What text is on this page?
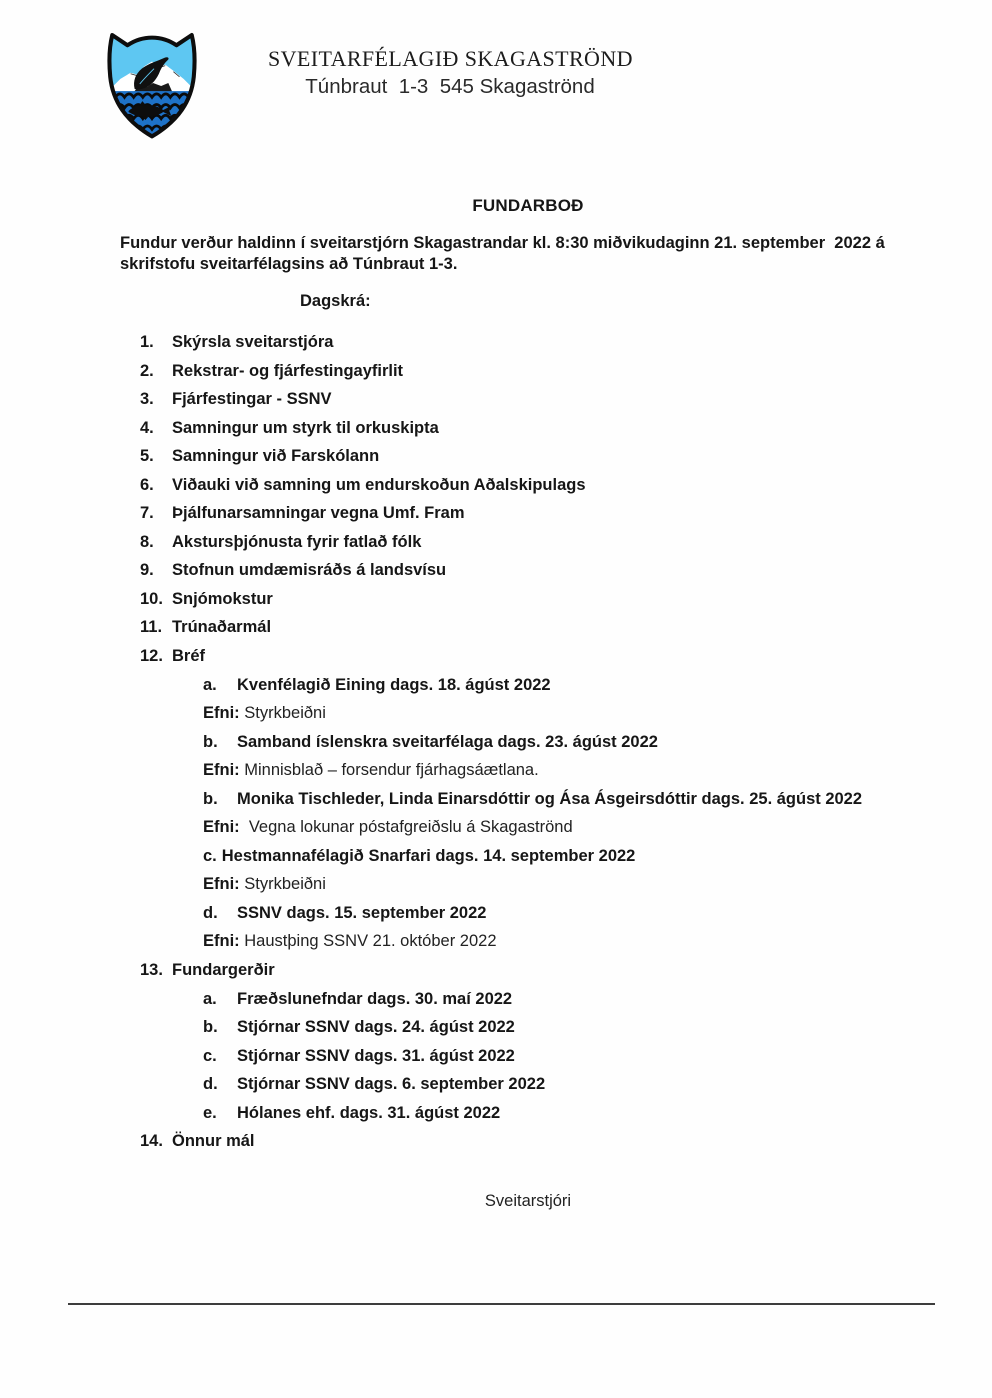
SVEITARFÉLAGIÐ SKAGASTRÖND
Túnbraut  1-3  545 Skagaströnd
FUNDARBOÐ
Fundur verður haldinn í sveitarstjórn Skagastrandar kl. 8:30 miðvikudaginn 21. september  2022 á
skrifstofu sveitarfélagsins að Túnbraut 1-3.
Dagskrá:
1. Skýrsla sveitarstjóra
2. Rekstrar- og fjárfestingayfirlit
3. Fjárfestingar - SSNV
4. Samningur um styrk til orkuskipta
5. Samningur við Farskólann
6. Viðauki við samning um endurskoðun Aðalskipulags
7. Þjálfunarsamningar vegna Umf. Fram
8. Akstursþjónusta fyrir fatlað fólk
9. Stofnun umdæmisráðs á landsvísu
10. Snjómokstur
11. Trúnaðarmál
12. Bréf
a. Kvenfélagið Eining dags. 18. ágúst 2022
Efni: Styrkbeiðni
b. Samband íslenskra sveitarfélaga dags. 23. ágúst 2022
Efni: Minnisblað – forsendur fjárhagsáætlana.
b. Monika Tischleder, Linda Einarsdóttir og Ása Ásgeirsdóttir dags. 25. ágúst 2022
Efni:  Vegna lokunar póstafgreiðslu á Skagaströnd
c. Hestmannafélagið Snarfari dags. 14. september 2022
Efni: Styrkbeiðni
d. SSNV dags. 15. september 2022
Efni: Haustþing SSNV 21. október 2022
13. Fundargerðir
a. Fræðslunefndar dags. 30. maí 2022
b. Stjórnar SSNV dags. 24. ágúst 2022
c. Stjórnar SSNV dags. 31. ágúst 2022
d. Stjórnar SSNV dags. 6. september 2022
e. Hólanes ehf. dags. 31. ágúst 2022
14. Önnur mál
Sveitarstjóri
